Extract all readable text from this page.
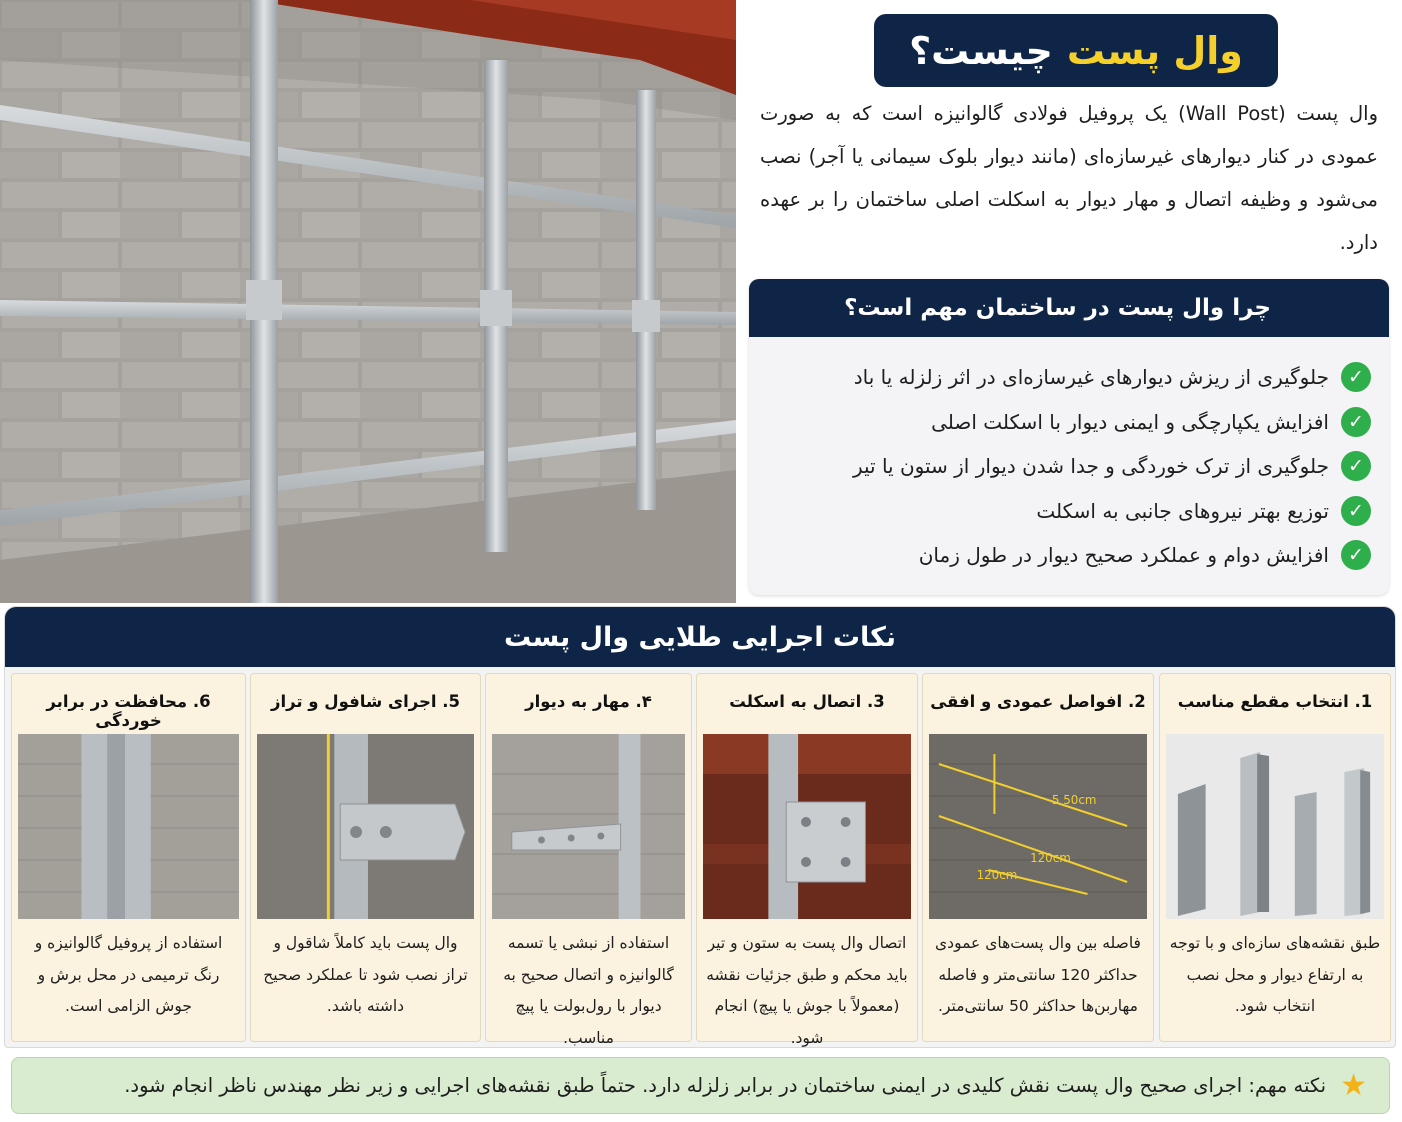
وال پست
چیست؟

وال پست (Wall Post) یک پروفیل فولادی گالوانیزه است که به صورت عمودی در کنار دیوارهای غیرسازه‌ای (مانند دیوار بلوک سیمانی یا آجر) نصب می‌شود و وظیفه اتصال و مهار دیوار به اسکلت اصلی ساختمان را بر عهده دارد.

چرا وال پست در ساختمان مهم است؟
✓
جلوگیری از ریزش دیوارهای غیرسازه‌ای در اثر زلزله یا باد
✓
افزایش یکپارچگی و ایمنی دیوار با اسکلت اصلی
✓
جلوگیری از ترک خوردگی و جدا شدن دیوار از ستون یا تیر
✓
توزیع بهتر نیروهای جانبی به اسکلت
✓
افزایش دوام و عملکرد صحیح دیوار در طول زمان
نکات اجرایی طلایی وال پست
1. انتخاب مقطع مناسب
طبق نقشه‌های سازه‌ای و با توجه به ارتفاع دیوار و محل نصب انتخاب شود.
2. افواصل عمودی و افقی
5 50cm
120cm
120cm
فاصله بین وال پست‌های عمودی حداکثر 120 سانتی‌متر و فاصله مهاربن‌ها حداکثر 50 سانتی‌متر.
3. اتصال به اسکلت
اتصال وال پست به ستون و تیر باید محکم و طبق جزئیات نقشه (معمولاً با جوش یا پیچ) انجام شود.
۴. مهار به دیوار
استفاده از نبشی یا تسمه گالوانیزه و اتصال صحیح به دیوار با رول‌بولت یا پیچ مناسب.
5. اجرای شافول و تراز
وال پست باید کاملاً شاقول و تراز نصب شود تا عملکرد صحیح داشته باشد.
6. محافظت در برابر خوردگی
استفاده از پروفیل گالوانیزه و رنگ ترمیمی در محل برش و جوش الزامی است.
★
نکته مهم: اجرای صحیح وال پست نقش کلیدی در ایمنی ساختمان در برابر زلزله دارد. حتماً طبق نقشه‌های اجرایی و زیر نظر مهندس ناظر انجام شود.
